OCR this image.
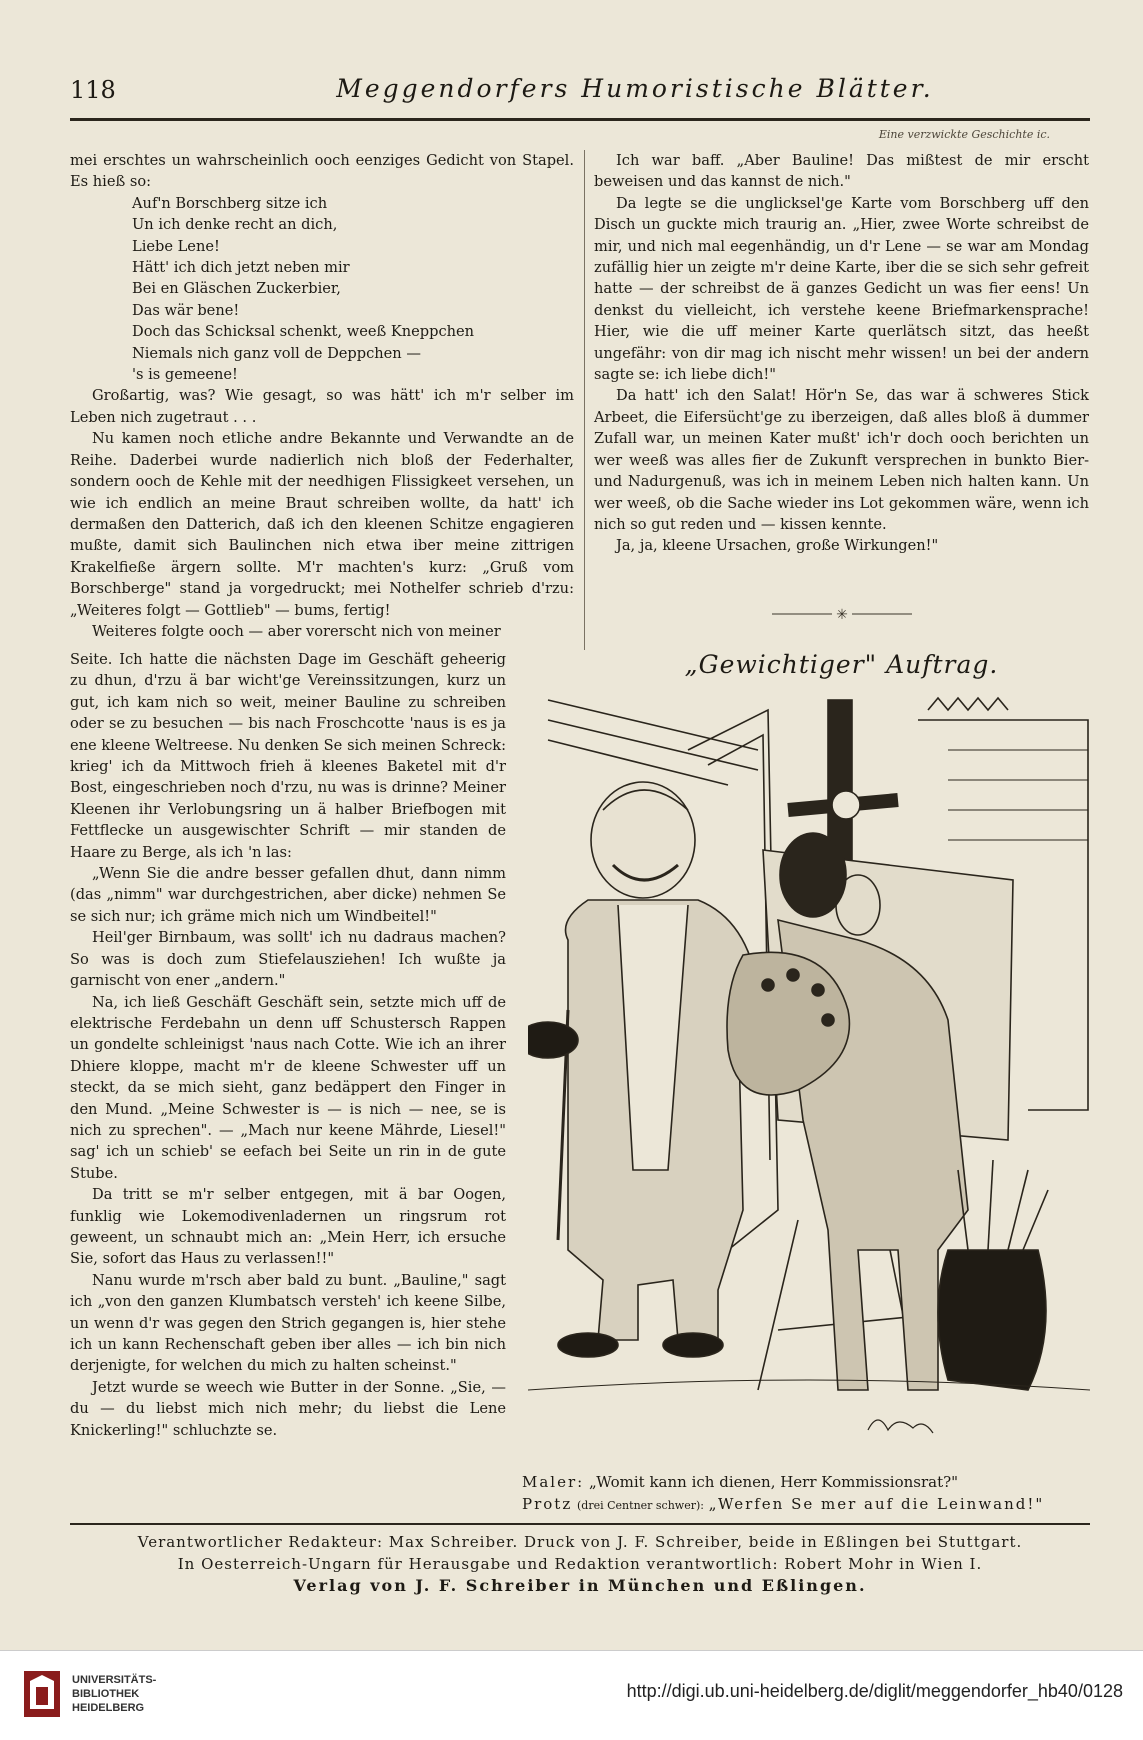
118	Meggendorfers Humoristische Blätter.
Eine verzwickte Geschichte ic.

mei erschtes un wahrscheinlich ooch eenziges Gedicht von Stapel. Es hieß so:

Auf'n Borschberg sitze ich
Un ich denke recht an dich,
Liebe Lene!
Hätt' ich dich jetzt neben mir
Bei en Gläschen Zuckerbier,
Das wär bene!
Doch das Schicksal schenkt, weeß Kneppchen
Niemals nich ganz voll de Deppchen —
's is gemeene!

Großartig, was? Wie gesagt, so was hätt' ich m'r selber im Leben nich zugetraut . . .

Nu kamen noch etliche andre Bekannte und Verwandte an de Reihe. Daderbei wurde nadierlich nich bloß der Federhalter, sondern ooch de Kehle mit der needhigen Flissigkeet versehen, un wie ich endlich an meine Braut schreiben wollte, da hatt' ich dermaßen den Datterich, daß ich den kleenen Schitze engagieren mußte, damit sich Baulinchen nich etwa iber meine zittrigen Krakelfieße ärgern sollte. M'r machten's kurz: „Gruß vom Borschberge" stand ja vorgedruckt; mei Nothelfer schrieb d'rzu: „Weiteres folgt — Gottlieb" — bums, fertig!

Weiteres folgte ooch — aber vorerscht nich von meiner

Seite. Ich hatte die nächsten Dage im Geschäft geheerig zu dhun, d'rzu ä bar wicht'ge Vereinssitzungen, kurz un gut, ich kam nich so weit, meiner Bauline zu schreiben oder se zu besuchen — bis nach Froschcotte 'naus is es ja ene kleene Weltreese. Nu denken Se sich meinen Schreck: krieg' ich da Mittwoch frieh ä kleenes Baketel mit d'r Bost, eingeschrieben noch d'rzu, nu was is drinne? Meiner Kleenen ihr Verlobungsring un ä halber Briefbogen mit Fettflecke un ausgewischter Schrift — mir standen de Haare zu Berge, als ich 'n las:

„Wenn Sie die andre besser gefallen dhut, dann nimm (das „nimm" war durchgestrichen, aber dicke) nehmen Se se sich nur; ich gräme mich nich um Windbeitel!"

Heil'ger Birnbaum, was sollt' ich nu dadraus machen? So was is doch zum Stiefelausziehen! Ich wußte ja garnischt von ener „andern."

Na, ich ließ Geschäft Geschäft sein, setzte mich uff de elektrische Ferdebahn un denn uff Schustersch Rappen un gondelte schleinigst 'naus nach Cotte. Wie ich an ihrer Dhiere kloppe, macht m'r de kleene Schwester uff un steckt, da se mich sieht, ganz bedäppert den Finger in den Mund. „Meine Schwester is — is nich — nee, se is nich zu sprechen". — „Mach nur keene Mährde, Liesel!" sag' ich un schieb' se eefach bei Seite un rin in de gute Stube.

Da tritt se m'r selber entgegen, mit ä bar Oogen, funklig wie Lokemodivenladernen un ringsrum rot geweent, un schnaubt mich an: „Mein Herr, ich ersuche Sie, sofort das Haus zu verlassen!!"

Nanu wurde m'rsch aber bald zu bunt. „Bauline," sagt ich „von den ganzen Klumbatsch versteh' ich keene Silbe, un wenn d'r was gegen den Strich gegangen is, hier stehe ich un kann Rechenschaft geben iber alles — ich bin nich derjenigte, for welchen du mich zu halten scheinst."

Jetzt wurde se weech wie Butter in der Sonne. „Sie, — du — du liebst mich nich mehr; du liebst die Lene Knickerling!" schluchzte se.

Ich war baff. „Aber Bauline! Das mißtest de mir erscht beweisen und das kannst de nich."

Da legte se die unglicksel'ge Karte vom Borschberg uff den Disch un guckte mich traurig an. „Hier, zwee Worte schreibst de mir, und nich mal eegenhändig, un d'r Lene — se war am Mondag zufällig hier un zeigte m'r deine Karte, iber die se sich sehr gefreit hatte — der schreibst de ä ganzes Gedicht un was fier eens! Un denkst du vielleicht, ich verstehe keene Briefmarkensprache! Hier, wie die uff meiner Karte querlätsch sitzt, das heeßt ungefähr: von dir mag ich nischt mehr wissen! un bei der andern sagte se: ich liebe dich!"

Da hatt' ich den Salat! Hör'n Se, das war ä schweres Stick Arbeet, die Eifersücht'ge zu iberzeigen, daß alles bloß ä dummer Zufall war, un meinen Kater mußt' ich'r doch ooch berichten un wer weeß was alles fier de Zukunft versprechen in bunkto Bier- und Nadurgenuß, was ich in meinem Leben nich halten kann. Un wer weeß, ob die Sache wieder ins Lot gekommen wäre, wenn ich nich so gut reden und — kissen kennte.

Ja, ja, kleene Ursachen, große Wirkungen!"

✳
„Gewichtiger" Auftrag.
Maler: „Womit kann ich dienen, Herr Kommissionsrat?"
Protz (drei Centner schwer): „Werfen Se mer auf die Leinwand!"
Verantwortlicher Redakteur: Max Schreiber. Druck von J. F. Schreiber, beide in Eßlingen bei Stuttgart.
In Oesterreich-Ungarn für Herausgabe und Redaktion verantwortlich: Robert Mohr in Wien I.
Verlag von J. F. Schreiber in München und Eßlingen.
UNIVERSITÄTS-
BIBLIOTHEK
HEIDELBERG
http://digi.ub.uni-heidelberg.de/diglit/meggendorfer_hb40/0128
